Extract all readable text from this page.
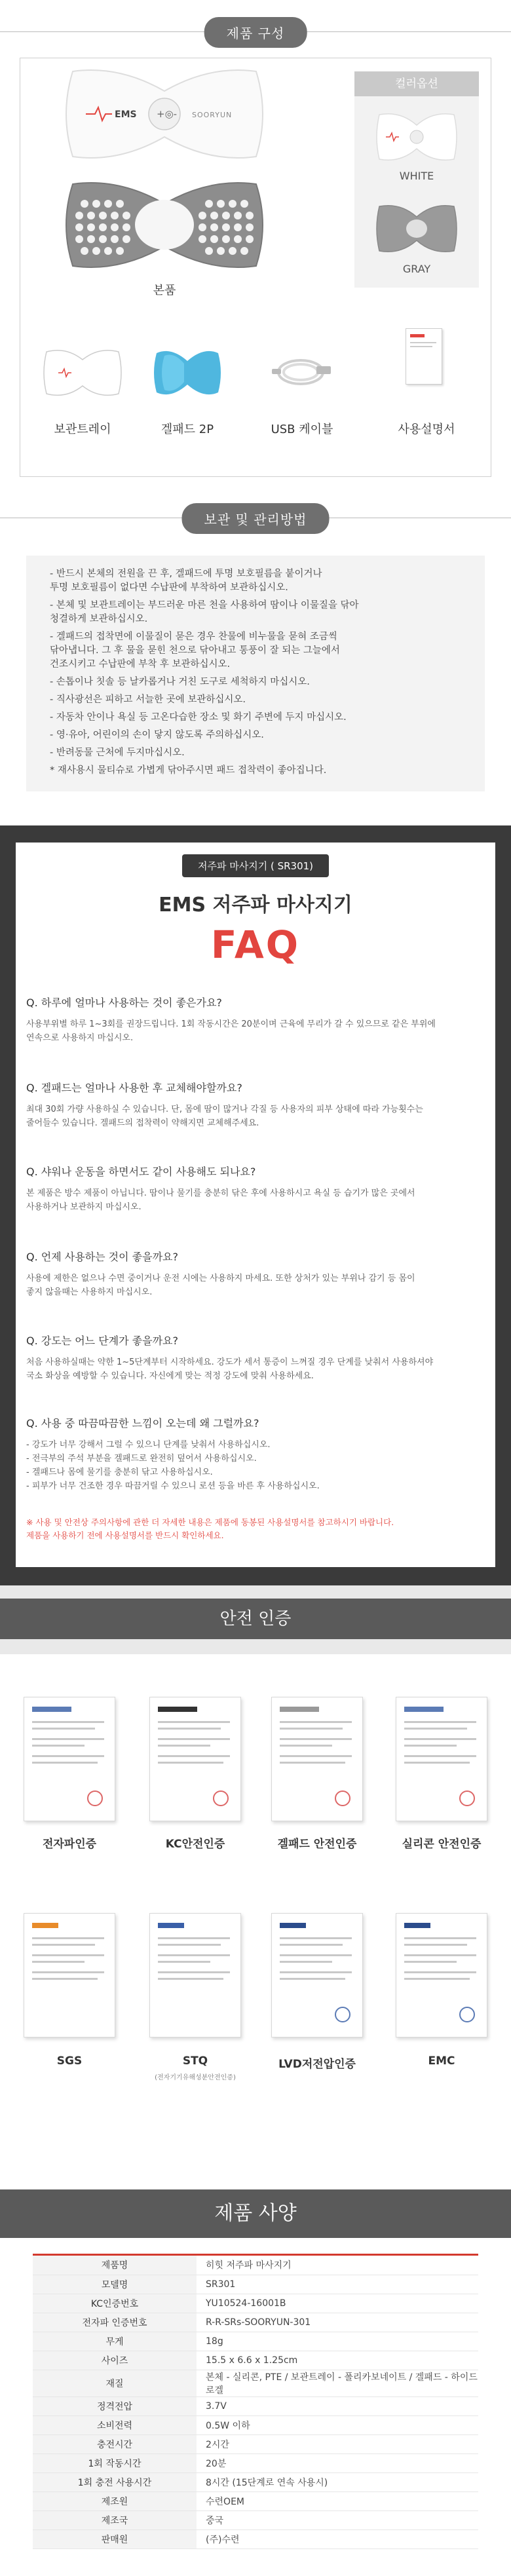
제품 구성
EMS +◎- SOORYUN
본품
컬러옵션
WHITE
GRAY
보관트레이	겔패드 2P	USB 케이블	사용설명서
보관 및 관리방법
- 반드시 본체의 전원을 끈 후, 겔패드에 투명 보호필름을 붙이거나
투명 보호필름이 없다면 수납판에 부착하여 보관하십시오.
- 본체 및 보관트레이는 부드러운 마른 천을 사용하여 땀이나 이물질을 닦아
청결하게 보관하십시오.
- 겔패드의 접착면에 이물질이 묻은 경우 찬물에 비누물을 묻혀 조금씩
닦아냅니다. 그 후 물을 묻힌 천으로 닦아내고 통풍이 잘 되는 그늘에서
건조시키고 수납판에 부착 후 보관하십시오.
- 손톱이나 칫솔 등 날카롭거나 거친 도구로 세척하지 마십시오.
- 직사광선은 피하고 서늘한 곳에 보관하십시오.
- 자동차 안이나 욕실 등 고온다습한 장소 및 화기 주변에 두지 마십시오.
- 영·유아, 어린이의 손이 닿지 않도록 주의하십시오.
- 반려동물 근처에 두지마십시오.
* 재사용시 물티슈로 가볍게 닦아주시면 패드 접착력이 좋아집니다.
저주파 마사지기 ( SR301)
EMS 저주파 마사지기
FAQ
Q. 하루에 얼마나 사용하는 것이 좋은가요?
사용부위별 하루 1~3회를 권장드립니다. 1회 작동시간은 20분이며 근육에 무리가 갈 수 있으므로 같은 부위에
연속으로 사용하지 마십시오.
Q. 겔패드는 얼마나 사용한 후 교체해야할까요?
최대 30회 가량 사용하실 수 있습니다. 단, 몸에 땀이 많거나 각질 등 사용자의 피부 상태에 따라 가능횟수는
줄어들수 있습니다. 겔패드의 접착력이 약해지면 교체해주세요.
Q. 샤워나 운동을 하면서도 같이 사용해도 되나요?
본 제품은 방수 제품이 아닙니다. 땀이나 물기를 충분히 닦은 후에 사용하시고 욕실 등 습기가 많은 곳에서
사용하거나 보관하지 마십시오.
Q. 언제 사용하는 것이 좋을까요?
사용에 제한은 없으나 수면 중이거나 운전 시에는 사용하지 마세요. 또한 상처가 있는 부위나 감기 등 몸이
좋지 않을때는 사용하지 마십시오.
Q. 강도는 어느 단계가 좋을까요?
처음 사용하실때는 약한 1~5단계부터 시작하세요. 강도가 세서 통증이 느껴질 경우 단계를 낮춰서 사용하셔야
국소 화상을 예방할 수 있습니다. 자신에게 맞는 적정 강도에 맞춰 사용하세요.
Q. 사용 중 따끔따끔한 느낌이 오는데 왜 그럴까요?
- 강도가 너무 강해서 그럴 수 있으니 단계를 낮춰서 사용하십시오.
- 전극부의 주석 부분을 겔패드로 완전히 덮어서 사용하십시오.
- 겔패드나 몸에 물기를 충분히 닦고 사용하십시오.
- 피부가 너무 건조한 경우 따끔거릴 수 있으니 로션 등을 바른 후 사용하십시오.
※ 사용 및 안전상 주의사항에 관한 더 자세한 내용은 제품에 동봉된 사용설명서를 참고하시기 바랍니다.
제품을 사용하기 전에 사용설명서를 반드시 확인하세요.
안전 인증
전자파인증	KC안전인증	겔패드 안전인증	실리콘 안전인증
SGS	STQ
(전자기기유해성분안전인증)
LVD저전압인증	EMC
제품 사양
제품명	히힛 저주파 마사지기
모델명	SR301
KC인증번호	YU10524-16001B
전자파 인증번호	R-R-SRs-SOORYUN-301
무게	18g
사이즈	15.5 x 6.6 x 1.25cm
재질	본체 - 실리콘, PTE / 보관트레이 - 폴리카보네이트 / 겔패드 - 하이드로겔
정격전압	3.7V
소비전력	0.5W 이하
충전시간	2시간
1회 작동시간	20분
1회 충전 사용시간	8시간 (15단계로 연속 사용시)
제조원	수련OEM
제조국	중국
판매원	(주)수련
